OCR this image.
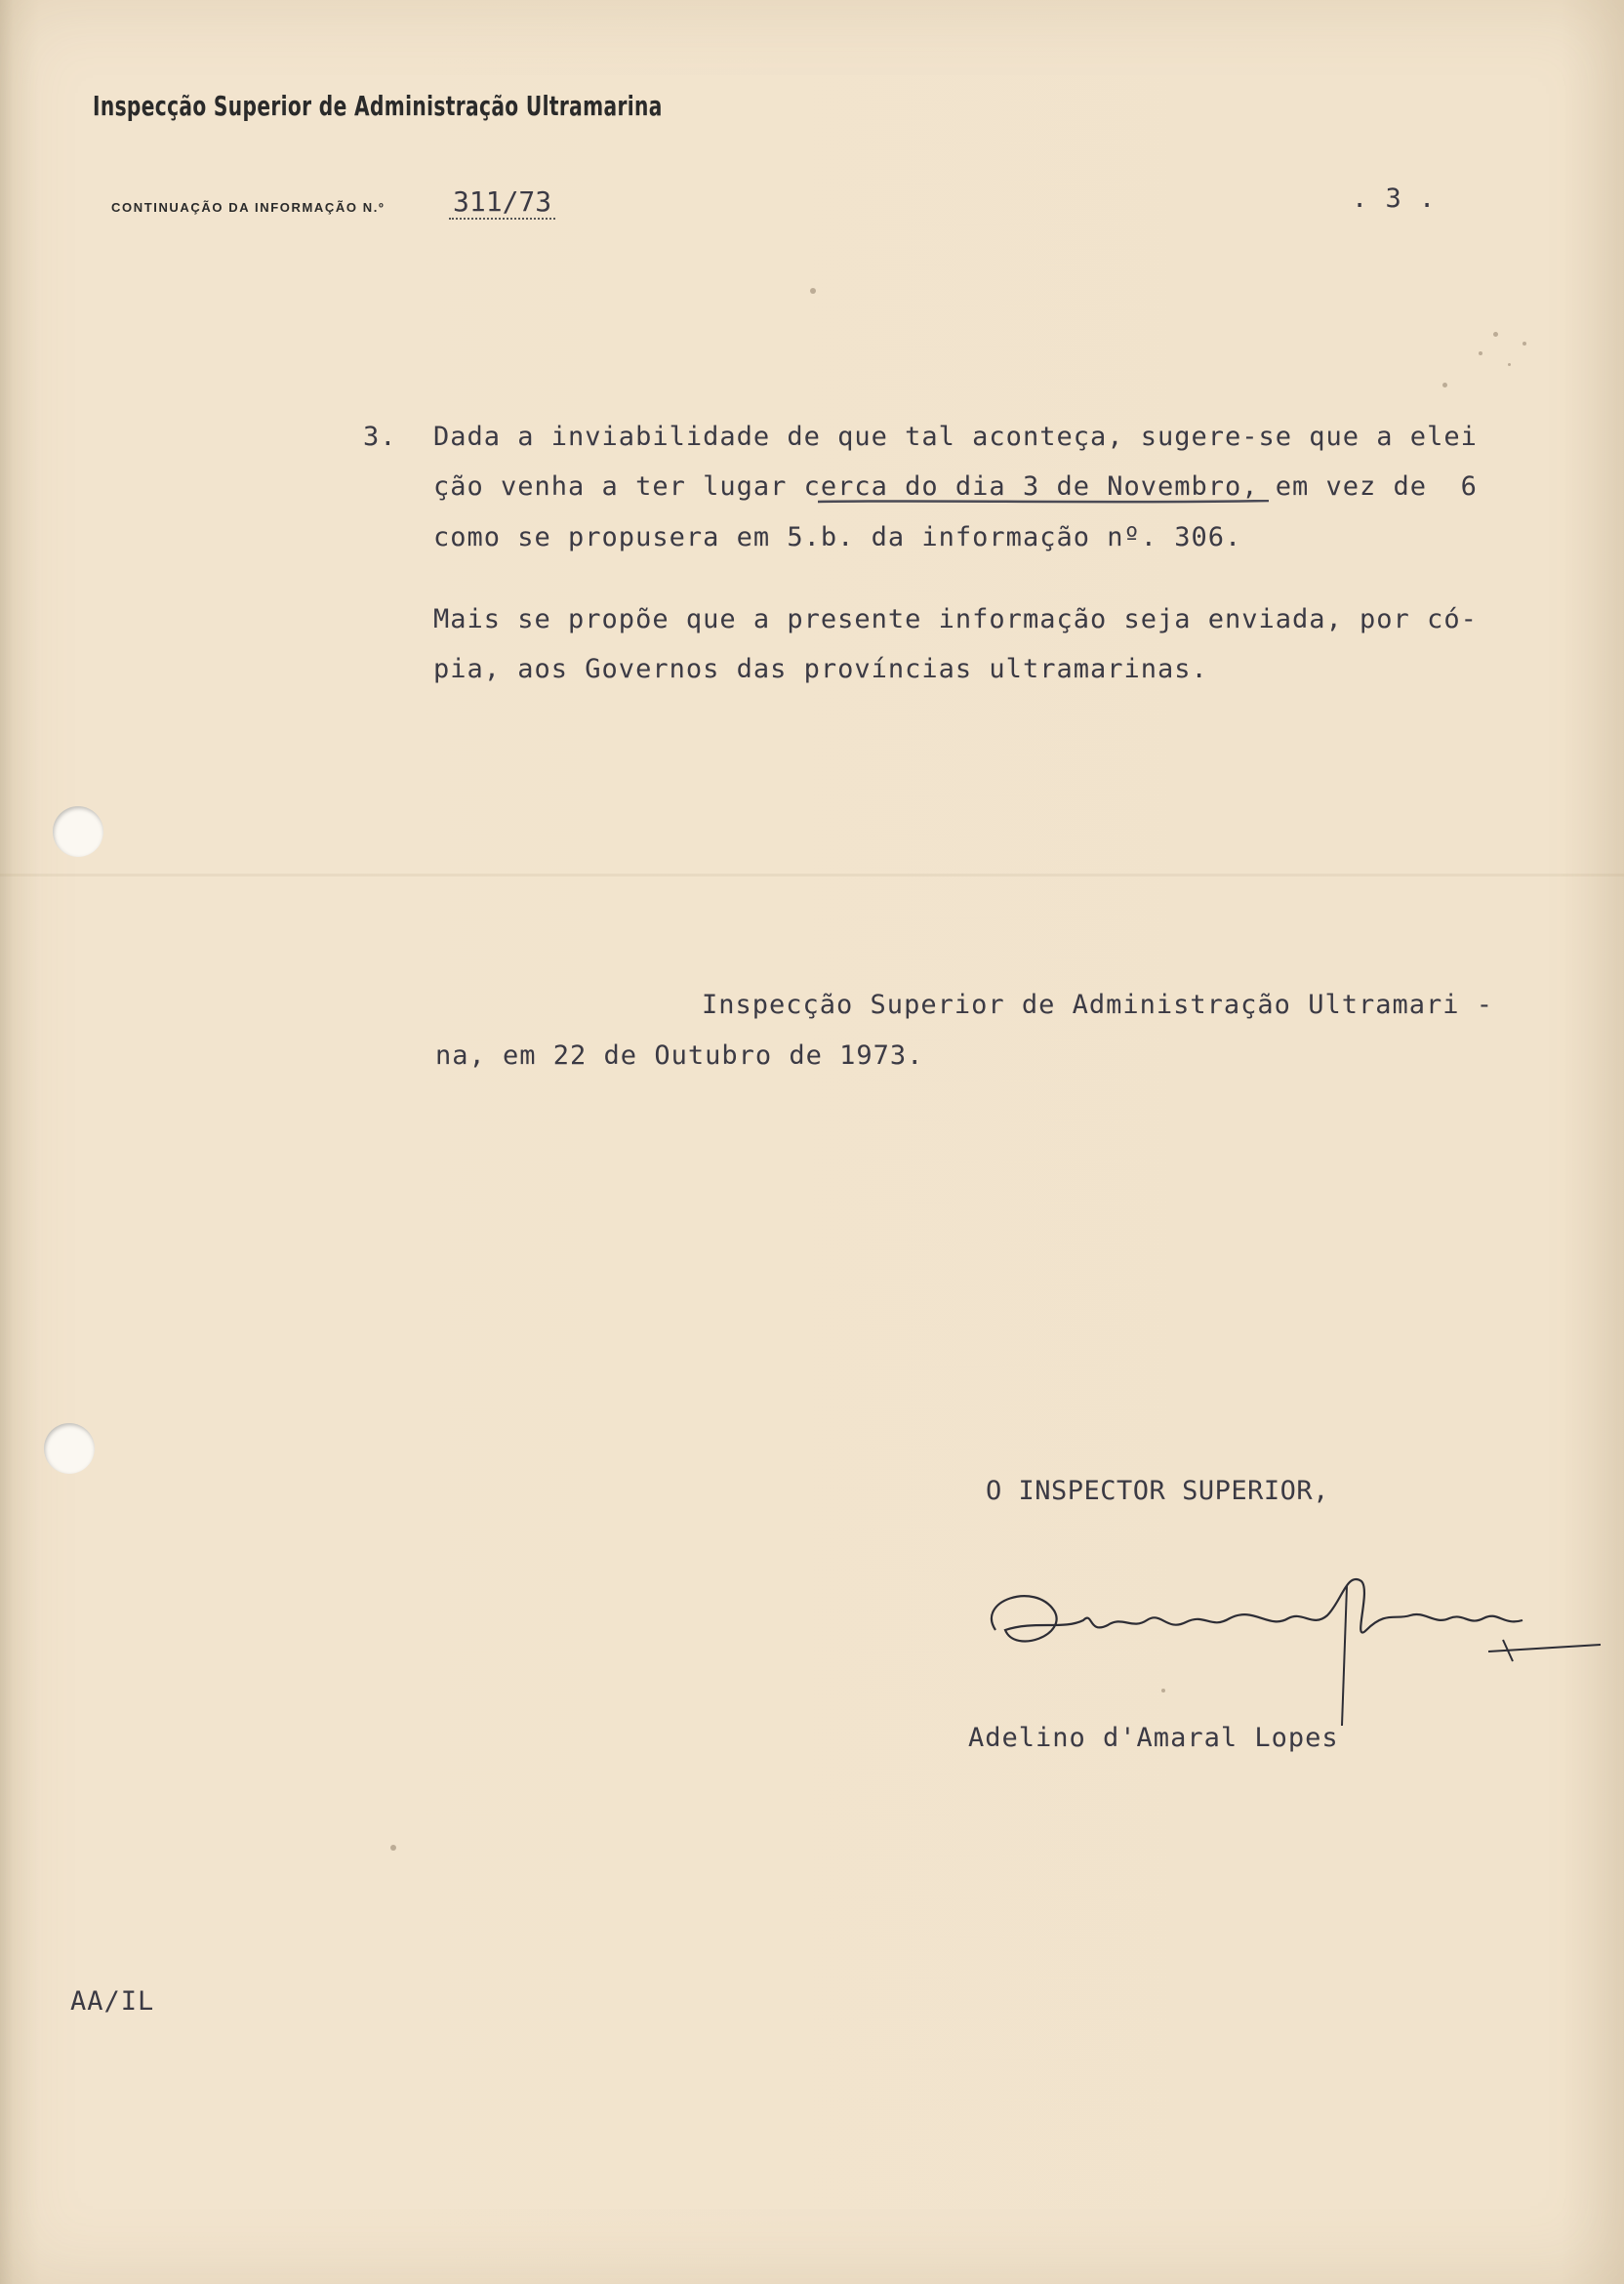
Inspecção Superior de Administração Ultramarina
CONTINUAÇÃO DA INFORMAÇÃO N.º 311/73	. 3 .
3. Dada a inviabilidade de que tal aconteça, sugere-se que a elei
ção venha a ter lugar cerca do dia 3 de Novembro, em vez de  6
como se propusera em 5.b. da informação nº. 306.
Mais se propõe que a presente informação seja enviada, por có-
pia, aos Governos das províncias ultramarinas.
Inspecção Superior de Administração Ultramari -
na, em 22 de Outubro de 1973.
O INSPECTOR SUPERIOR,
Adelino d'Amaral Lopes
AA/IL
